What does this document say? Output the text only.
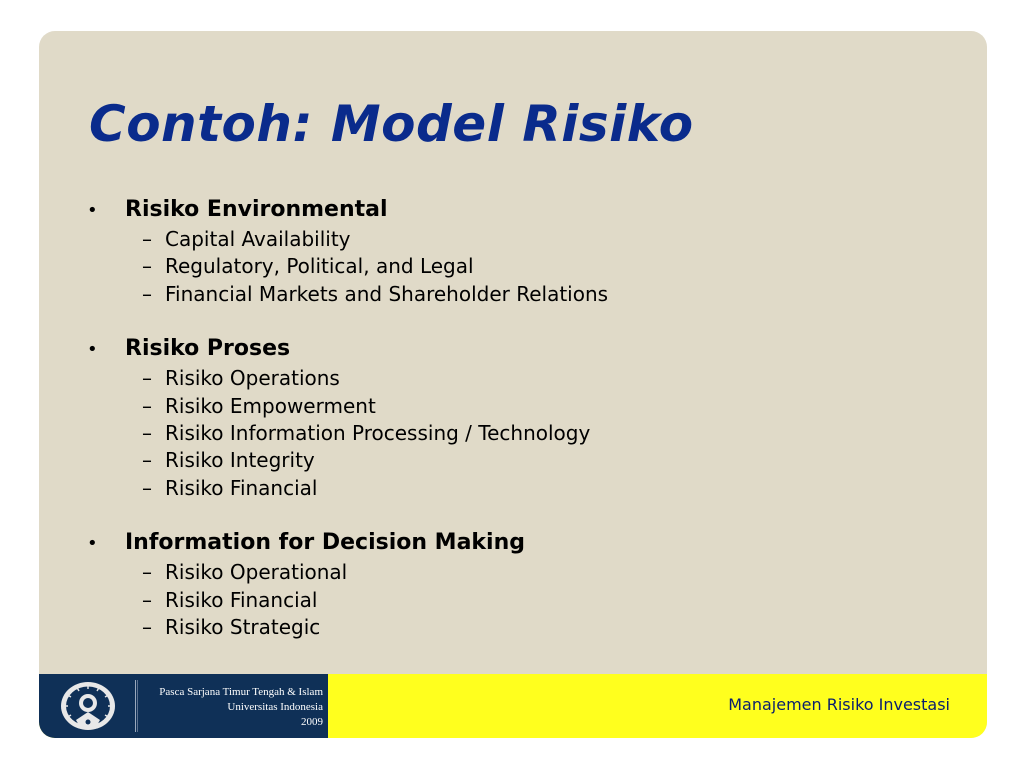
Contoh: Model Risiko
•	Risiko Environmental
– Capital Availability
– Regulatory, Political, and Legal
– Financial Markets and Shareholder Relations
•	Risiko Proses
– Risiko Operations
– Risiko Empowerment
– Risiko Information Processing / Technology
– Risiko Integrity
– Risiko Financial
•	Information for Decision Making
– Risiko Operational
– Risiko Financial
– Risiko Strategic
Pasca Sarjana Timur Tengah & Islam
Universitas Indonesia
2009
Manajemen Risiko Investasi
